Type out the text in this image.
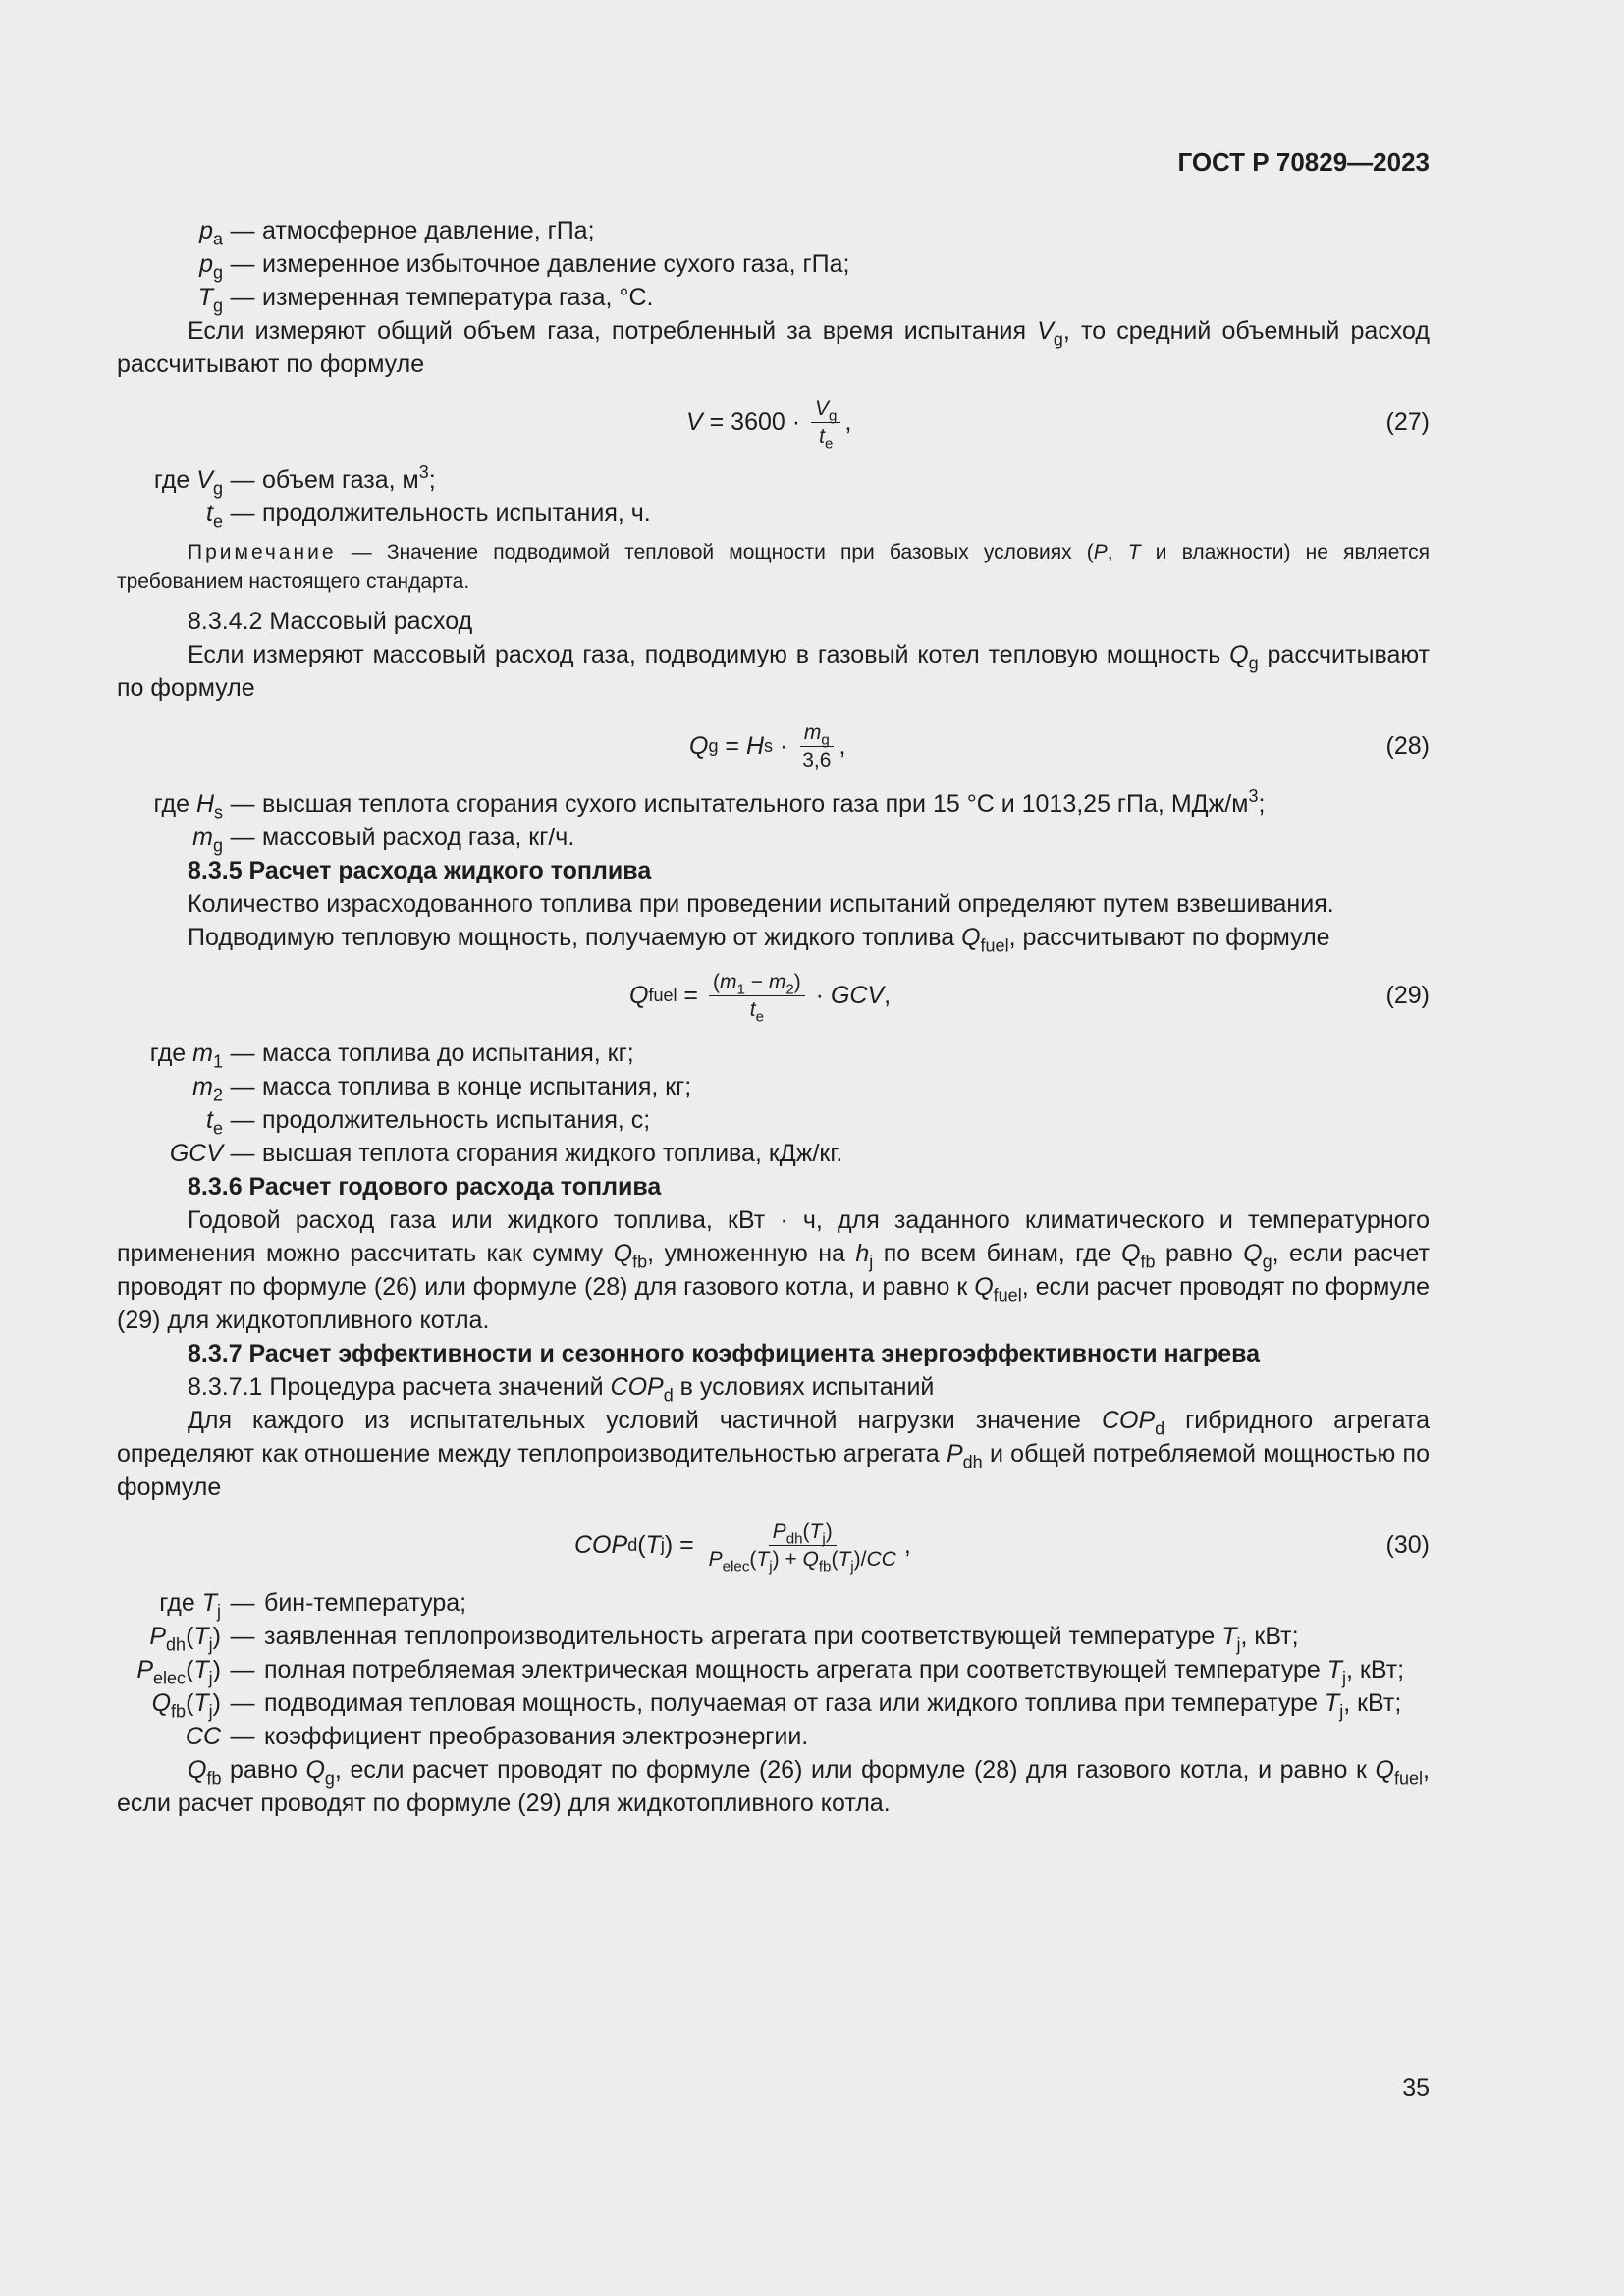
ГОСТ Р 70829—2023
$p_a$ — атмосферное давление, гПа;
$p_g$ — измеренное избыточное давление сухого газа, гПа;
$T_g$ — измеренная температура газа, °С.

Если измеряют общий объем газа, потребленный за время испытания $V_g$, то средний объемный расход рассчитывают по формуле

$V = 3600 \cdot \frac{V_g}{t_e}$ ,	(27)
где $V_g$ — объем газа, $м^3$;
$t_e$ — продолжительность испытания, ч.

Примечание — Значение подводимой тепловой мощности при базовых условиях (P, T и влажности) не является требованием настоящего стандарта.

8.3.4.2 Массовый расход

Если измеряют массовый расход газа, подводимую в газовый котел тепловую мощность $Q_g$ рассчитывают по формуле

Q g = H $s \cdot \frac{m_g}{3,6}$ ,	(28)
где $H_s$ — высшая теплота сгорания сухого испытательного газа при 15 °С и 1013,25 гПа, МДж/$м^3$;
$m_g$ — массовый расход газа, кг/ч.

8.3.5 Расчет расхода жидкого топлива

Количество израсходованного топлива при проведении испытаний определяют путем взвешивания.

Подводимую тепловую мощность, получаемую от жидкого топлива $Q_{fuel}$, рассчитывают по формуле

Q fuel = $\frac{(m_1 - m_2)}{t_e}$ · GCV ,	(29)
где $m_1$ — масса топлива до испытания, кг;
$m_2$ — масса топлива в конце испытания, кг;
$t_e$ — продолжительность испытания, с;
GCV — высшая теплота сгорания жидкого топлива, кДж/кг.

8.3.6 Расчет годового расхода топлива

Годовой расход газа или жидкого топлива, кВт · ч, для заданного климатического и температурного применения можно рассчитать как сумму $Q_{fb}$, умноженную на $h_j$ по всем бинам, где $Q_{fb}$ равно $Q_g$, если расчет проводят по формуле (26) или формуле (28) для газового котла, и равно к $Q_{fuel}$, если расчет проводят по формуле (29) для жидкотопливного котла.

8.3.7 Расчет эффективности и сезонного коэффициента энергоэффективности нагрева

8.3.7.1 Процедура расчета значений $COP_d$ в условиях испытаний

Для каждого из испытательных условий частичной нагрузки значение $COP_d$ гибридного агрегата определяют как отношение между теплопроизводительностью агрегата $P_{dh}$ и общей потребляемой мощностью по формуле

COP d ( T j ) = $\frac{P_{dh}(T_j)}{P_{elec}(T_j) + Q_{fb}(T_j)/CC}$ ,	(30)
где $T_j$ — бин-температура;
$P_{dh}(T_j)$ — заявленная теплопроизводительность агрегата при соответствующей температуре $T_j$, кВт;
$P_{elec}(T_j)$ — полная потребляемая электрическая мощность агрегата при соответствующей температуре $T_j$, кВт;
$Q_{fb}(T_j)$ — подводимая тепловая мощность, получаемая от газа или жидкого топлива при температуре $T_j$, кВт;
CC — коэффициент преобразования электроэнергии.

$Q_{fb}$ равно $Q_g$, если расчет проводят по формуле (26) или формуле (28) для газового котла, и равно к $Q_{fuel}$, если расчет проводят по формуле (29) для жидкотопливного котла.

35
